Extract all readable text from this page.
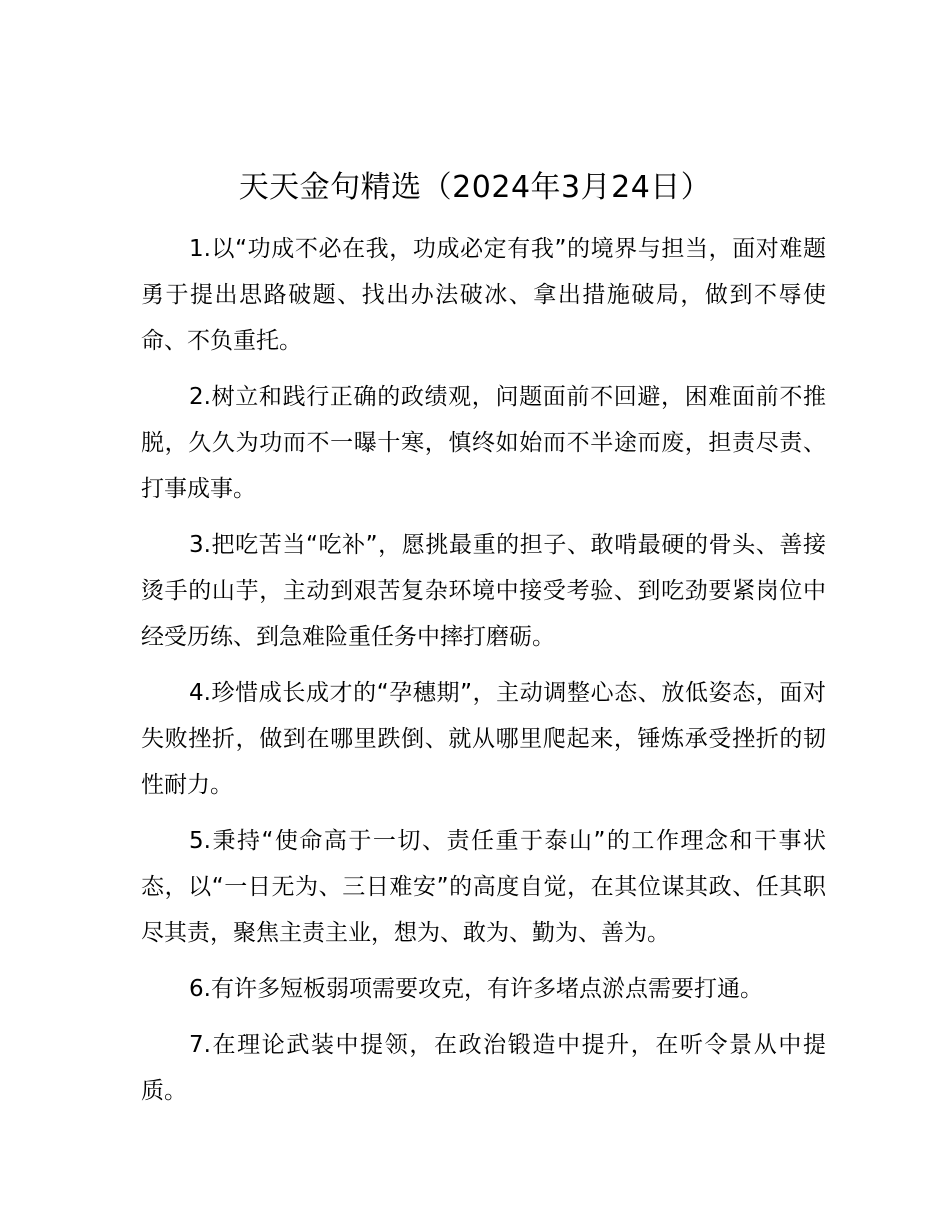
天天金句精选（2024年3月24日）

1.以“功成不必在我，功成必定有我”的境界与担当，面对难题勇于提出思路破题、找出办法破冰、拿出措施破局，做到不辱使命、不负重托。

2.树立和践行正确的政绩观，问题面前不回避，困难面前不推脱，久久为功而不一曝十寒，慎终如始而不半途而废，担责尽责、打事成事。

3.把吃苦当“吃补”，愿挑最重的担子、敢啃最硬的骨头、善接烫手的山芋，主动到艰苦复杂环境中接受考验、到吃劲要紧岗位中经受历练、到急难险重任务中摔打磨砺。

4.珍惜成长成才的“孕穗期”，主动调整心态、放低姿态，面对失败挫折，做到在哪里跌倒、就从哪里爬起来，锤炼承受挫折的韧性耐力。

5.秉持“使命高于一切、责任重于泰山”的工作理念和干事状态，以“一日无为、三日难安”的高度自觉，在其位谋其政、任其职尽其责，聚焦主责主业，想为、敢为、勤为、善为。

6.有许多短板弱项需要攻克，有许多堵点淤点需要打通。

7.在理论武装中提领，在政治锻造中提升，在听令景从中提质。
